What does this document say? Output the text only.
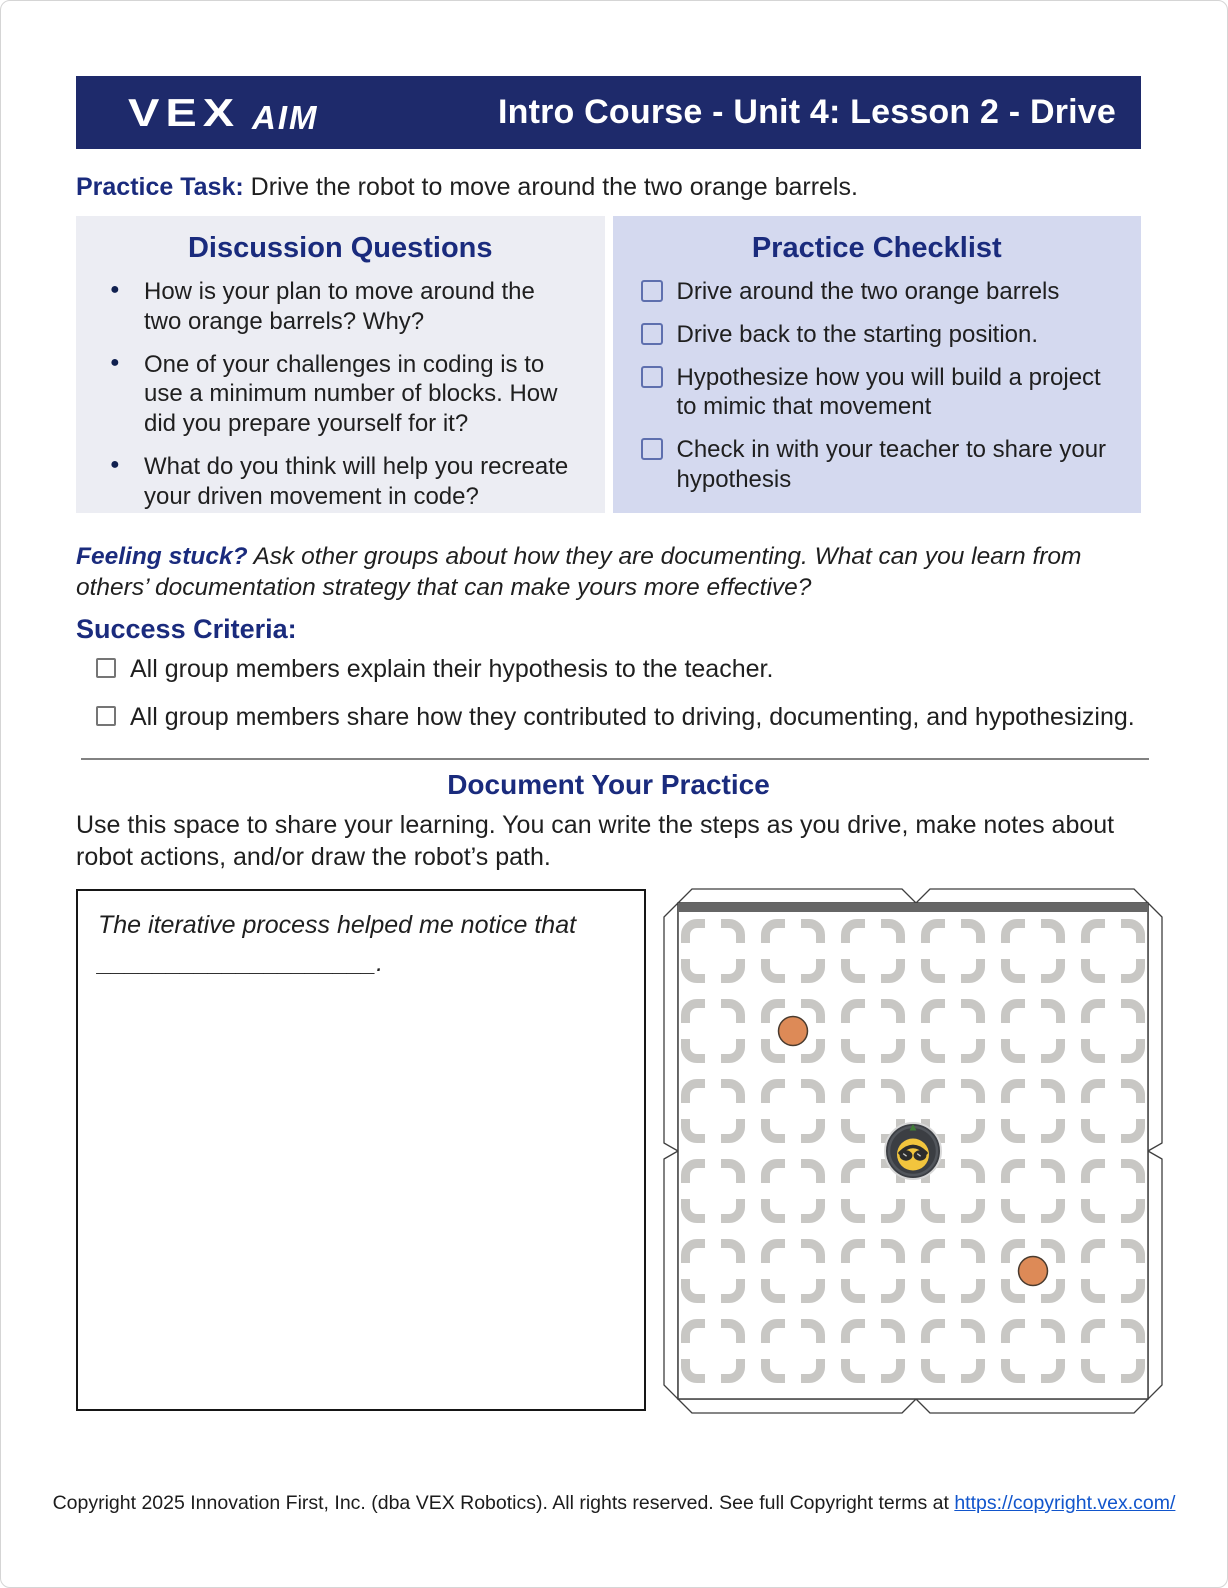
VEX AIM	Intro Course - Unit 4: Lesson 2 - Drive

Practice Task: Drive the robot to move around the two orange barrels.

Discussion Questions
● How is your plan to move around the two orange barrels? Why?
● One of your challenges in coding is to use a minimum number of blocks. How did you prepare yourself for it?
● What do you think will help you recreate your driven movement in code?
Practice Checklist
Drive around the two orange barrels
Drive back to the starting position.
Hypothesize how you will build a project to mimic that movement
Check in with your teacher to share your hypothesis

Feeling stuck? Ask other groups about how they are documenting. What can you learn from others’ documentation strategy that can make yours more effective?

Success Criteria:
All group members explain their hypothesis to the teacher.
All group members share how they contributed to driving, documenting, and hypothesizing.
Document Your Practice

Use this space to share your learning. You can write the steps as you drive, make notes about robot actions, and/or draw the robot’s path.

The iterative process helped me notice that ____________________.

Copyright 2025 Innovation First, Inc. (dba VEX Robotics). All rights reserved. See full Copyright terms at https://copyright.vex.com/
